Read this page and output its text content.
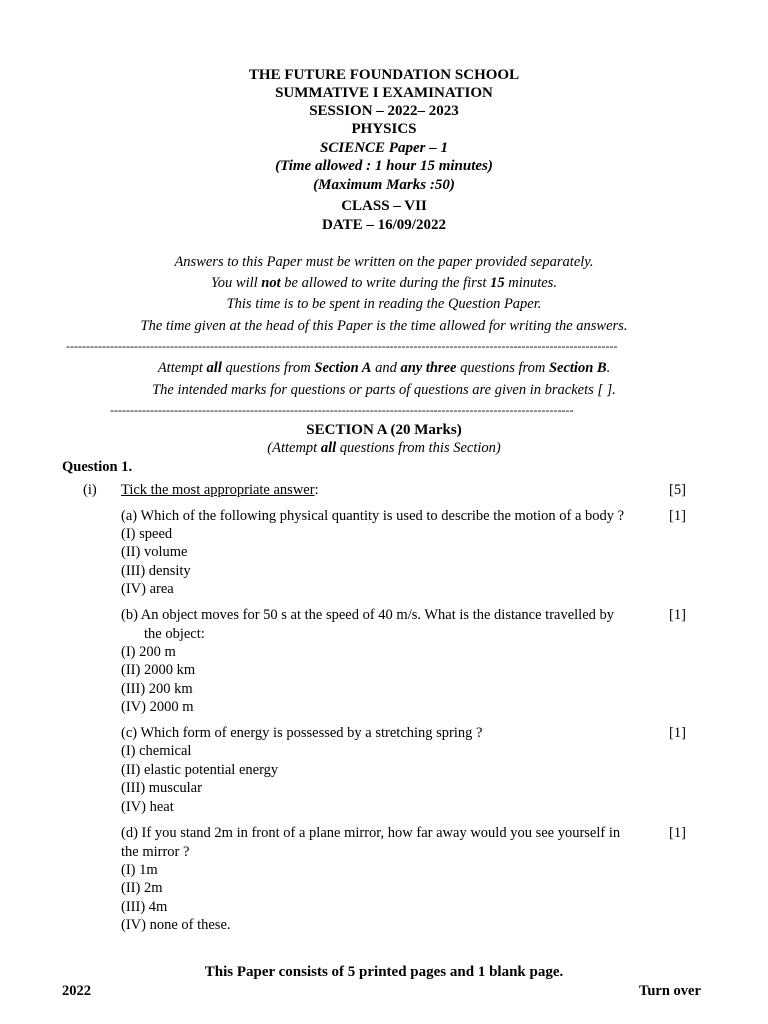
THE FUTURE FOUNDATION SCHOOL
SUMMATIVE I EXAMINATION
SESSION – 2022– 2023
PHYSICS
SCIENCE Paper – 1
(Time allowed : 1 hour 15 minutes)
(Maximum Marks :50)
CLASS – VII
DATE – 16/09/2022
Answers to this Paper must be written on the paper provided separately.
You will not be allowed to write during the first 15 minutes.
This time is to be spent in reading the Question Paper.
The time given at the head of this Paper is the time allowed for writing the answers.
------------------------------------------------------------------------------------------------------------------------------------------
Attempt all questions from Section A and any three questions from Section B.
The intended marks for questions or parts of questions are given in brackets [ ].
--------------------------------------------------------------------------------------------------------------------
SECTION A (20 Marks)
(Attempt all questions from this Section)
Question 1.
(i) Tick the most appropriate answer:	[5]
(a) Which of the following physical quantity is used to describe the motion of a body ?	[1]
(I) speed
(II) volume
(III) density
(IV) area
(b) An object moves for 50 s at the speed of 40 m/s. What is the distance travelled by
the object:
[1]
(I) 200 m
(II) 2000 km
(III) 200 km
(IV) 2000 m
(c) Which form of energy is possessed by a stretching spring ?	[1]
(I) chemical
(II) elastic potential energy
(III) muscular
(IV) heat
(d) If you stand 2m in front of a plane mirror, how far away would you see yourself in
the mirror ?
[1]
(I) 1m
(II) 2m
(III) 4m
(IV) none of these.
This Paper consists of 5 printed pages and 1 blank page.
2022	Turn over
